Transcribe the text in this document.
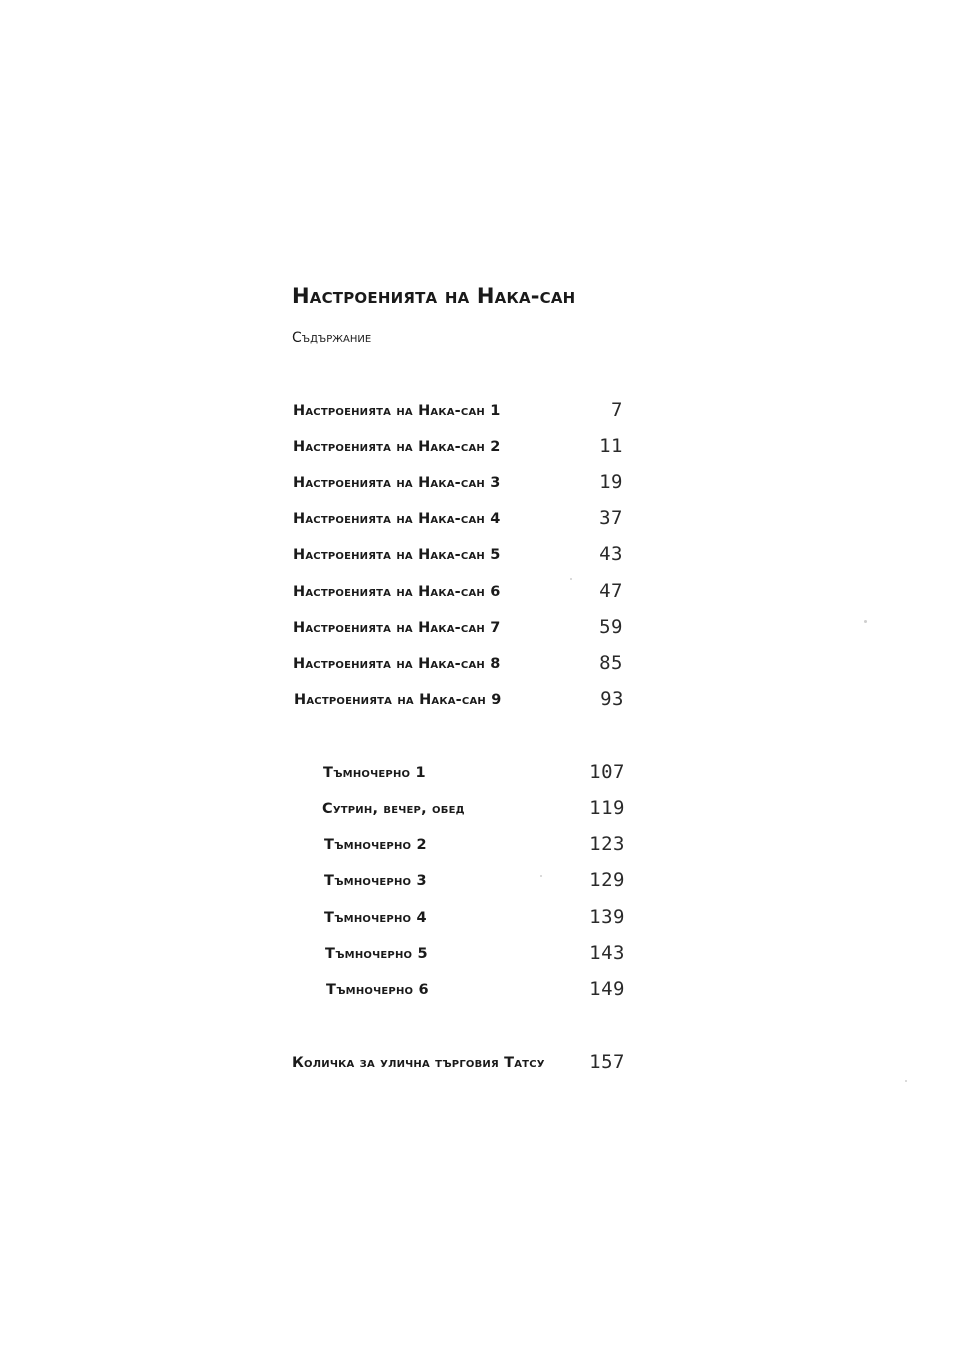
Настроенията на Нака-сан
Съдържание
Настроенията на Нака-сан 1	7
Настроенията на Нака-сан 2	11
Настроенията на Нака-сан 3	19
Настроенията на Нака-сан 4	37
Настроенията на Нака-сан 5	43
Настроенията на Нака-сан 6	47
Настроенията на Нака-сан 7	59
Настроенията на Нака-сан 8	85
Настроенията на Нака-сан 9	93
Тъмночерно 1	107
Сутрин, вечер, обед	119
Тъмночерно 2	123
Тъмночерно 3	129
Тъмночерно 4	139
Тъмночерно 5	143
Тъмночерно 6	149
Количка за улична търговия Татсу 157
